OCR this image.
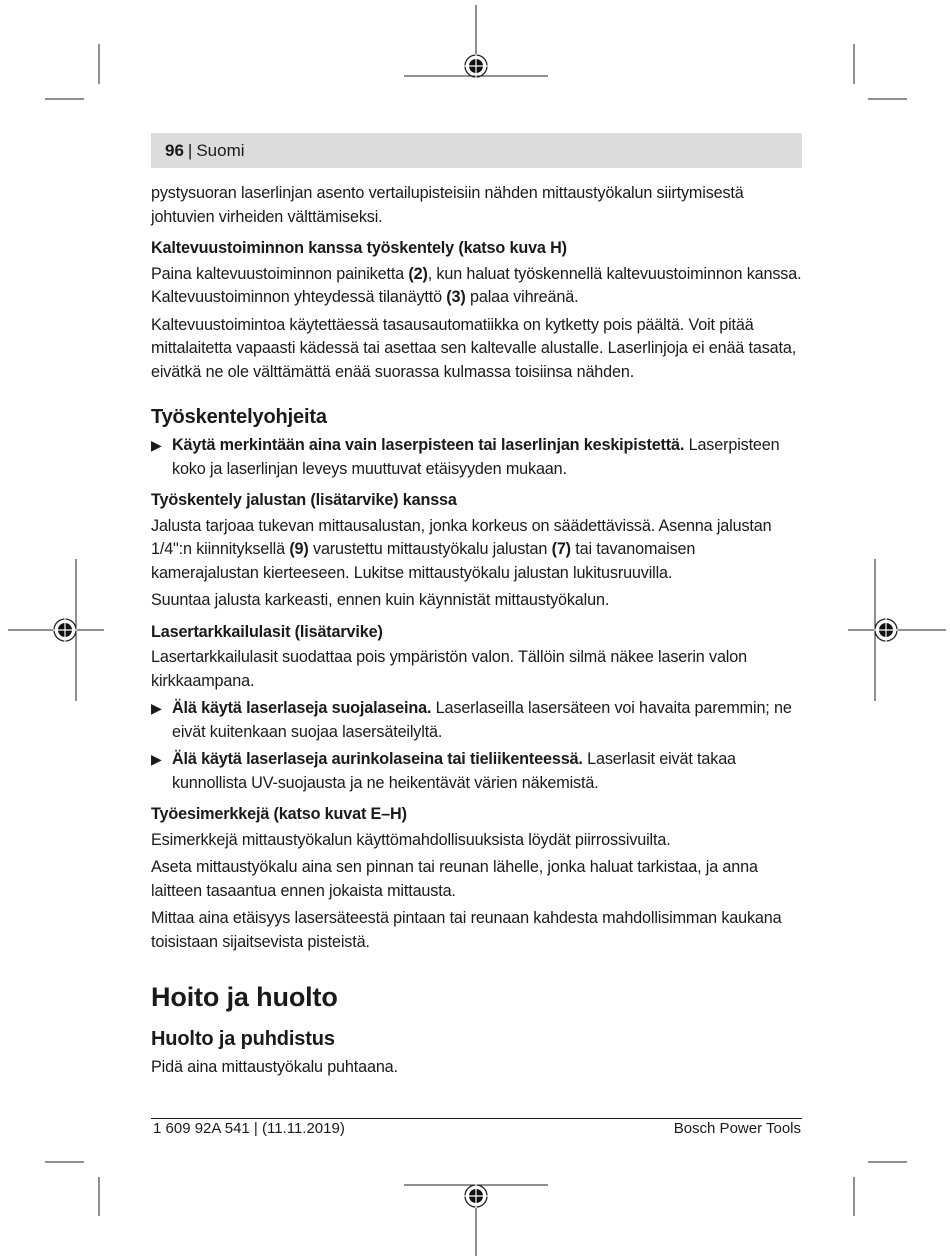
96 | Suomi

pystysuoran laserlinjan asento vertailupisteisiin nähden mittaustyökalun siirtymisestä johtuvien virheiden välttämiseksi.

Kaltevuustoiminnon kanssa työskentely (katso kuva H)

Paina kaltevuustoiminnon painiketta (2), kun haluat työskennellä kaltevuustoiminnon kanssa. Kaltevuustoiminnon yhteydessä tilanäyttö (3) palaa vihreänä.

Kaltevuustoimintoa käytettäessä tasausautomatiikka on kytketty pois päältä. Voit pitää mittalaitetta vapaasti kädessä tai asettaa sen kaltevalle alustalle. Laserlinjoja ei enää tasata, eivätkä ne ole välttämättä enää suorassa kulmassa toisiinsa nähden.

Työskentelyohjeita
▶ Käytä merkintään aina vain laserpisteen tai laserlinjan keskipistettä. Laserpisteen koko ja laserlinjan leveys muuttuvat etäisyyden mukaan.
Työskentely jalustan (lisätarvike) kanssa

Jalusta tarjoaa tukevan mittausalustan, jonka korkeus on säädettävissä. Asenna jalustan 1/4":n kiinnityksellä (9) varustettu mittaustyökalu jalustan (7) tai tavanomaisen kamerajalustan kierteeseen. Lukitse mittaustyökalu jalustan lukitusruuvilla.

Suuntaa jalusta karkeasti, ennen kuin käynnistät mittaustyökalun.

Lasertarkkailulasit (lisätarvike)

Lasertarkkailulasit suodattaa pois ympäristön valon. Tällöin silmä näkee laserin valon kirkkaampana.

▶ Älä käytä laserlaseja suojalaseina. Laserlaseilla lasersäteen voi havaita paremmin; ne eivät kuitenkaan suojaa lasersäteilyltä.
▶ Älä käytä laserlaseja aurinkolaseina tai tieliikenteessä. Laserlasit eivät takaa kunnollista UV-suojausta ja ne heikentävät värien näkemistä.
Työesimerkkejä (katso kuvat E–H)

Esimerkkejä mittaustyökalun käyttömahdollisuuksista löydät piirrossivuilta.

Aseta mittaustyökalu aina sen pinnan tai reunan lähelle, jonka haluat tarkistaa, ja anna laitteen tasaantua ennen jokaista mittausta.

Mittaa aina etäisyys lasersäteestä pintaan tai reunaan kahdesta mahdollisimman kaukana toisistaan sijaitsevista pisteistä.

Hoito ja huolto
Huolto ja puhdistus

Pidä aina mittaustyökalu puhtaana.

1 609 92A 541 | (11.11.2019)	Bosch Power Tools
